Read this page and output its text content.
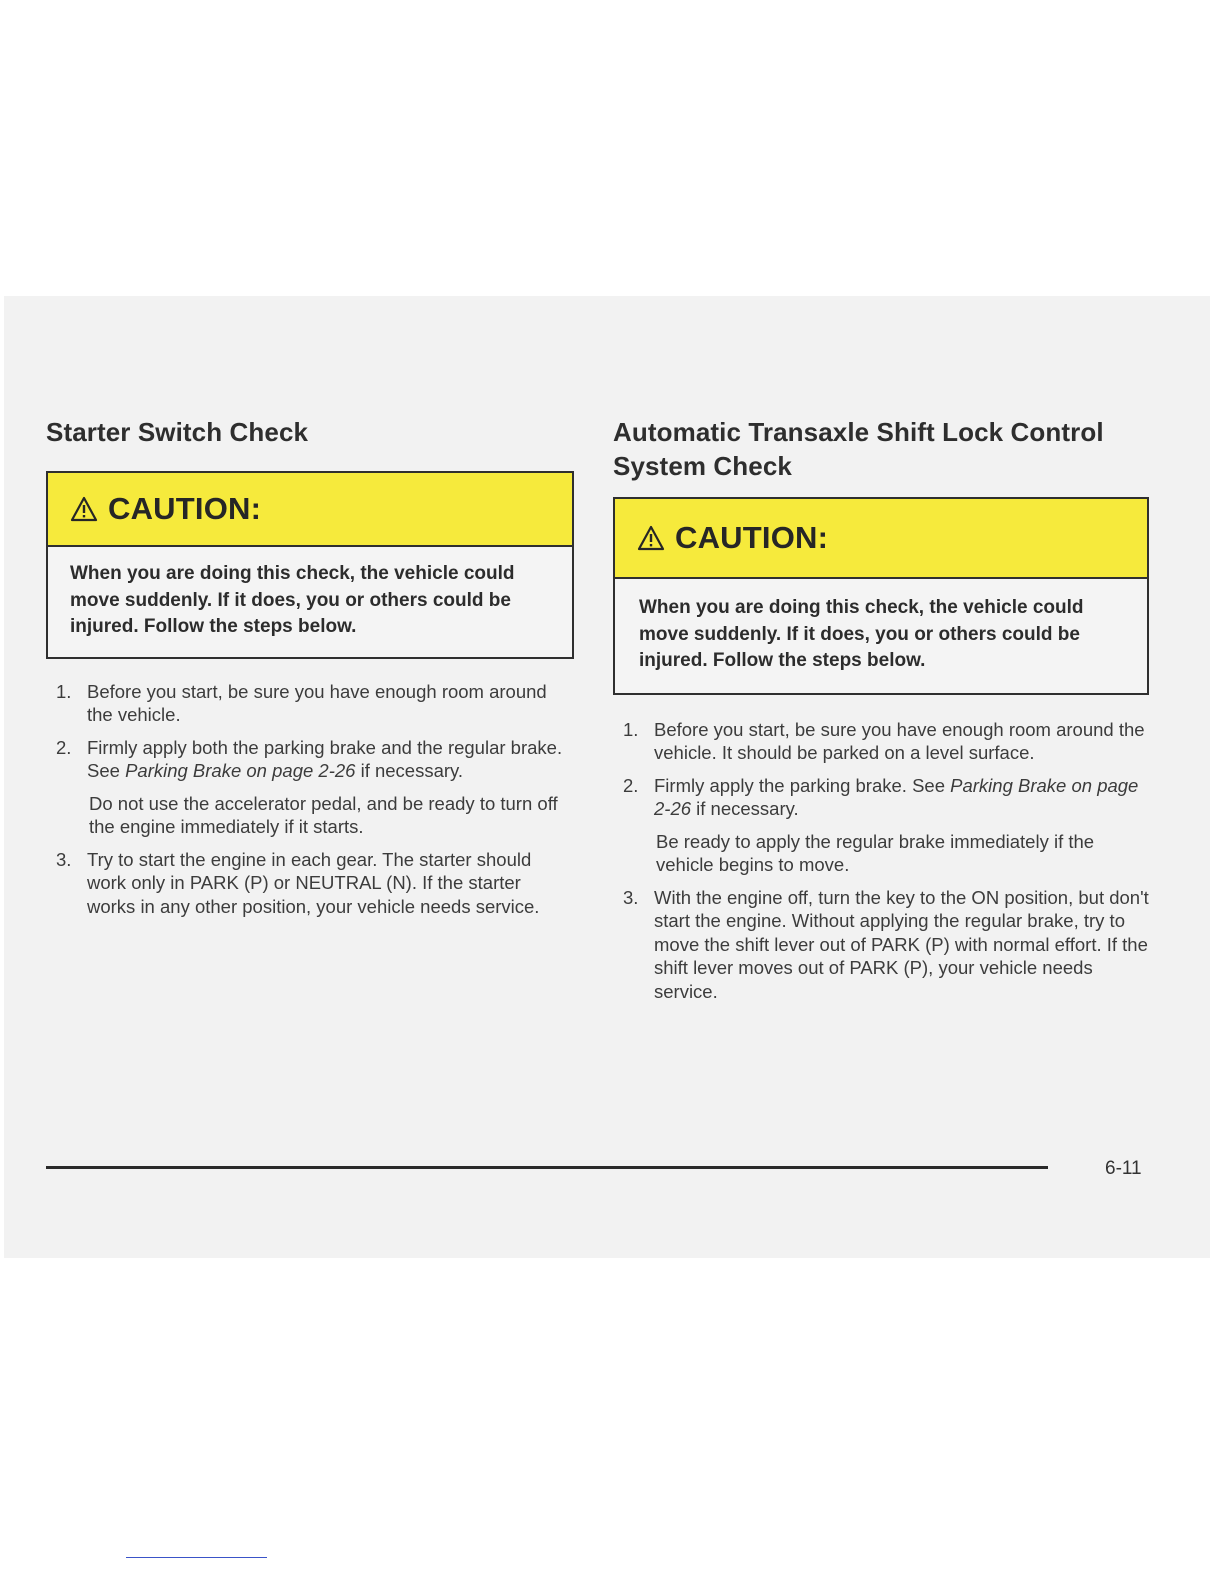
Starter Switch Check
CAUTION:
When you are doing this check, the vehicle could move suddenly. If it does, you or others could be injured. Follow the steps below.
1. Before you start, be sure you have enough room around the vehicle.
2. Firmly apply both the parking brake and the regular brake. See Parking Brake on page 2-26 if necessary.
Do not use the accelerator pedal, and be ready to turn off the engine immediately if it starts.
3. Try to start the engine in each gear. The starter should work only in PARK (P) or NEUTRAL (N). If the starter works in any other position, your vehicle needs service.
Automatic Transaxle Shift Lock Control System Check
CAUTION:
When you are doing this check, the vehicle could move suddenly. If it does, you or others could be injured. Follow the steps below.
1. Before you start, be sure you have enough room around the vehicle. It should be parked on a level surface.
2. Firmly apply the parking brake. See Parking Brake on page 2-26 if necessary.
Be ready to apply the regular brake immediately if the vehicle begins to move.
3. With the engine off, turn the key to the ON position, but don't start the engine. Without applying the regular brake, try to move the shift lever out of PARK (P) with normal effort. If the shift lever moves out of PARK (P), your vehicle needs service.
6-11
